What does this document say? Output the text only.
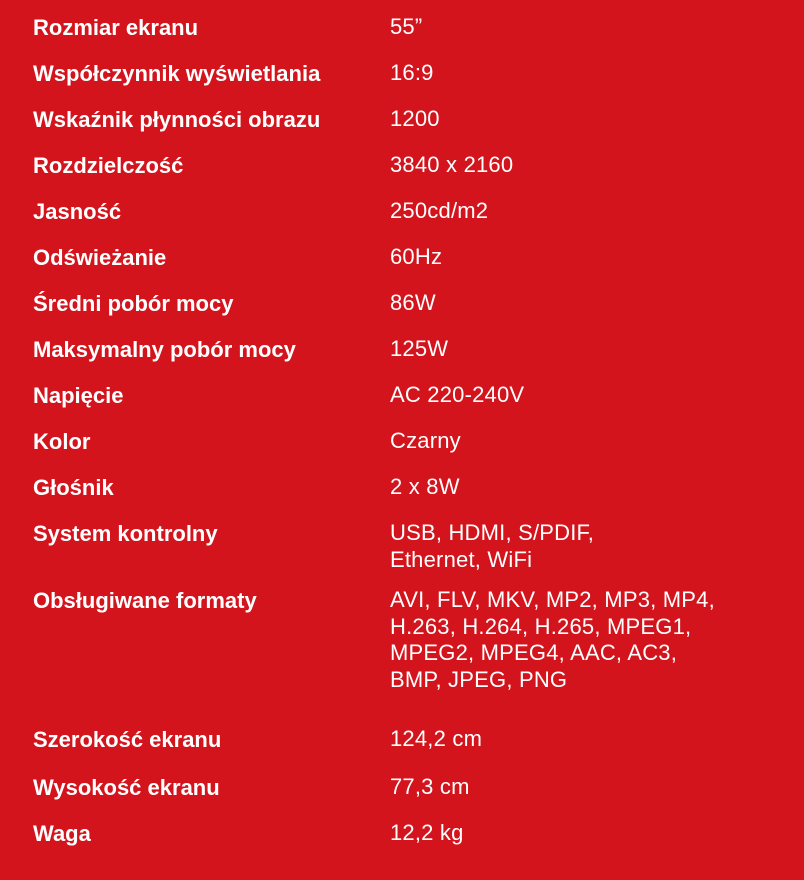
Rozmiar ekranu	55”
Współczynnik wyświetlania	16:9
Wskaźnik płynności obrazu	1200
Rozdzielczość	3840 x 2160
Jasność	250cd/m2
Odświeżanie	60Hz
Średni pobór mocy	86W
Maksymalny pobór mocy	125W
Napięcie	AC 220-240V
Kolor	Czarny
Głośnik	2 x 8W
System kontrolny	USB, HDMI, S/PDIF,
Ethernet, WiFi
Obsługiwane formaty	AVI, FLV, MKV, MP2, MP3, MP4,
H.263, H.264, H.265, MPEG1,
MPEG2, MPEG4, AAC, AC3,
BMP, JPEG, PNG
Szerokość ekranu	124,2 cm
Wysokość ekranu	77,3 cm
Waga	12,2 kg
